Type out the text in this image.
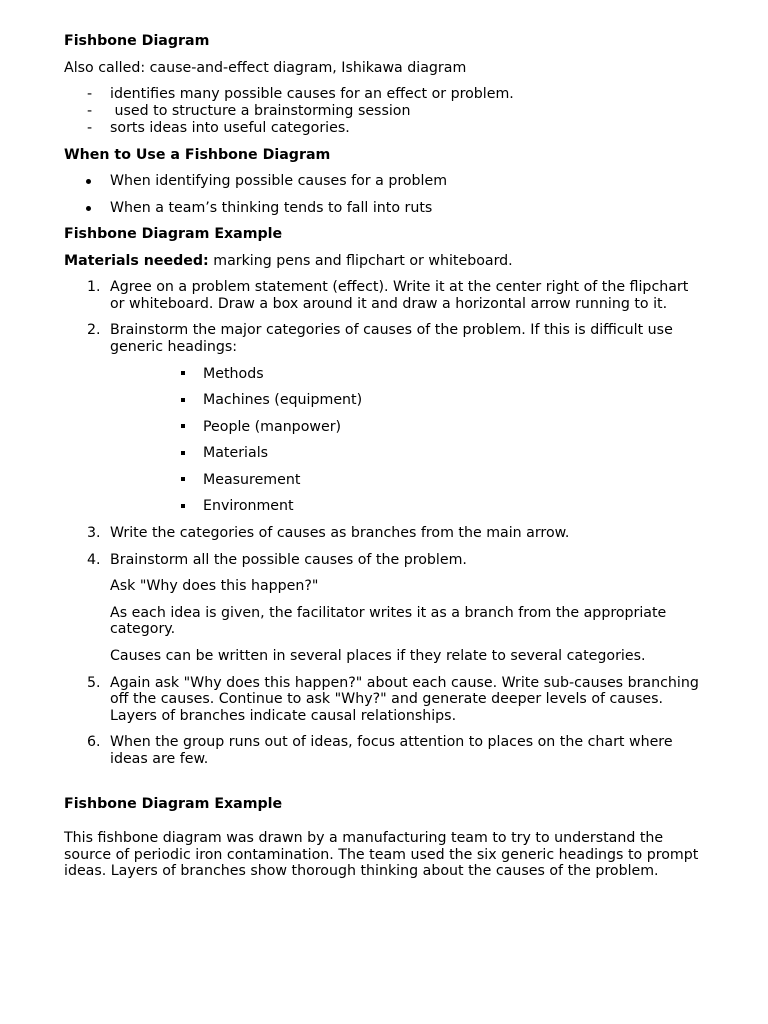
Fishbone Diagram
Also called: cause-and-effect diagram, Ishikawa diagram
- identifies many possible causes for an effect or problem.
- used to structure a brainstorming session
- sorts ideas into useful categories.
When to Use a Fishbone Diagram
When identifying possible causes for a problem
When a team’s thinking tends to fall into ruts
Fishbone Diagram Example
Materials needed: marking pens and flipchart or whiteboard.
1. Agree on a problem statement (effect). Write it at the center right of the flipchart
or whiteboard. Draw a box around it and draw a horizontal arrow running to it.
2. Brainstorm the major categories of causes of the problem. If this is difficult use
generic headings:
Methods
Machines (equipment)
People (manpower)
Materials
Measurement
Environment
3. Write the categories of causes as branches from the main arrow.
4. Brainstorm all the possible causes of the problem.
Ask "Why does this happen?"
As each idea is given, the facilitator writes it as a branch from the appropriate
category.
Causes can be written in several places if they relate to several categories.
5. Again ask "Why does this happen?" about each cause. Write sub-causes branching
off the causes. Continue to ask "Why?" and generate deeper levels of causes.
Layers of branches indicate causal relationships.
6. When the group runs out of ideas, focus attention to places on the chart where
ideas are few.
Fishbone Diagram Example
This fishbone diagram was drawn by a manufacturing team to try to understand the
source of periodic iron contamination. The team used the six generic headings to prompt
ideas. Layers of branches show thorough thinking about the causes of the problem.
